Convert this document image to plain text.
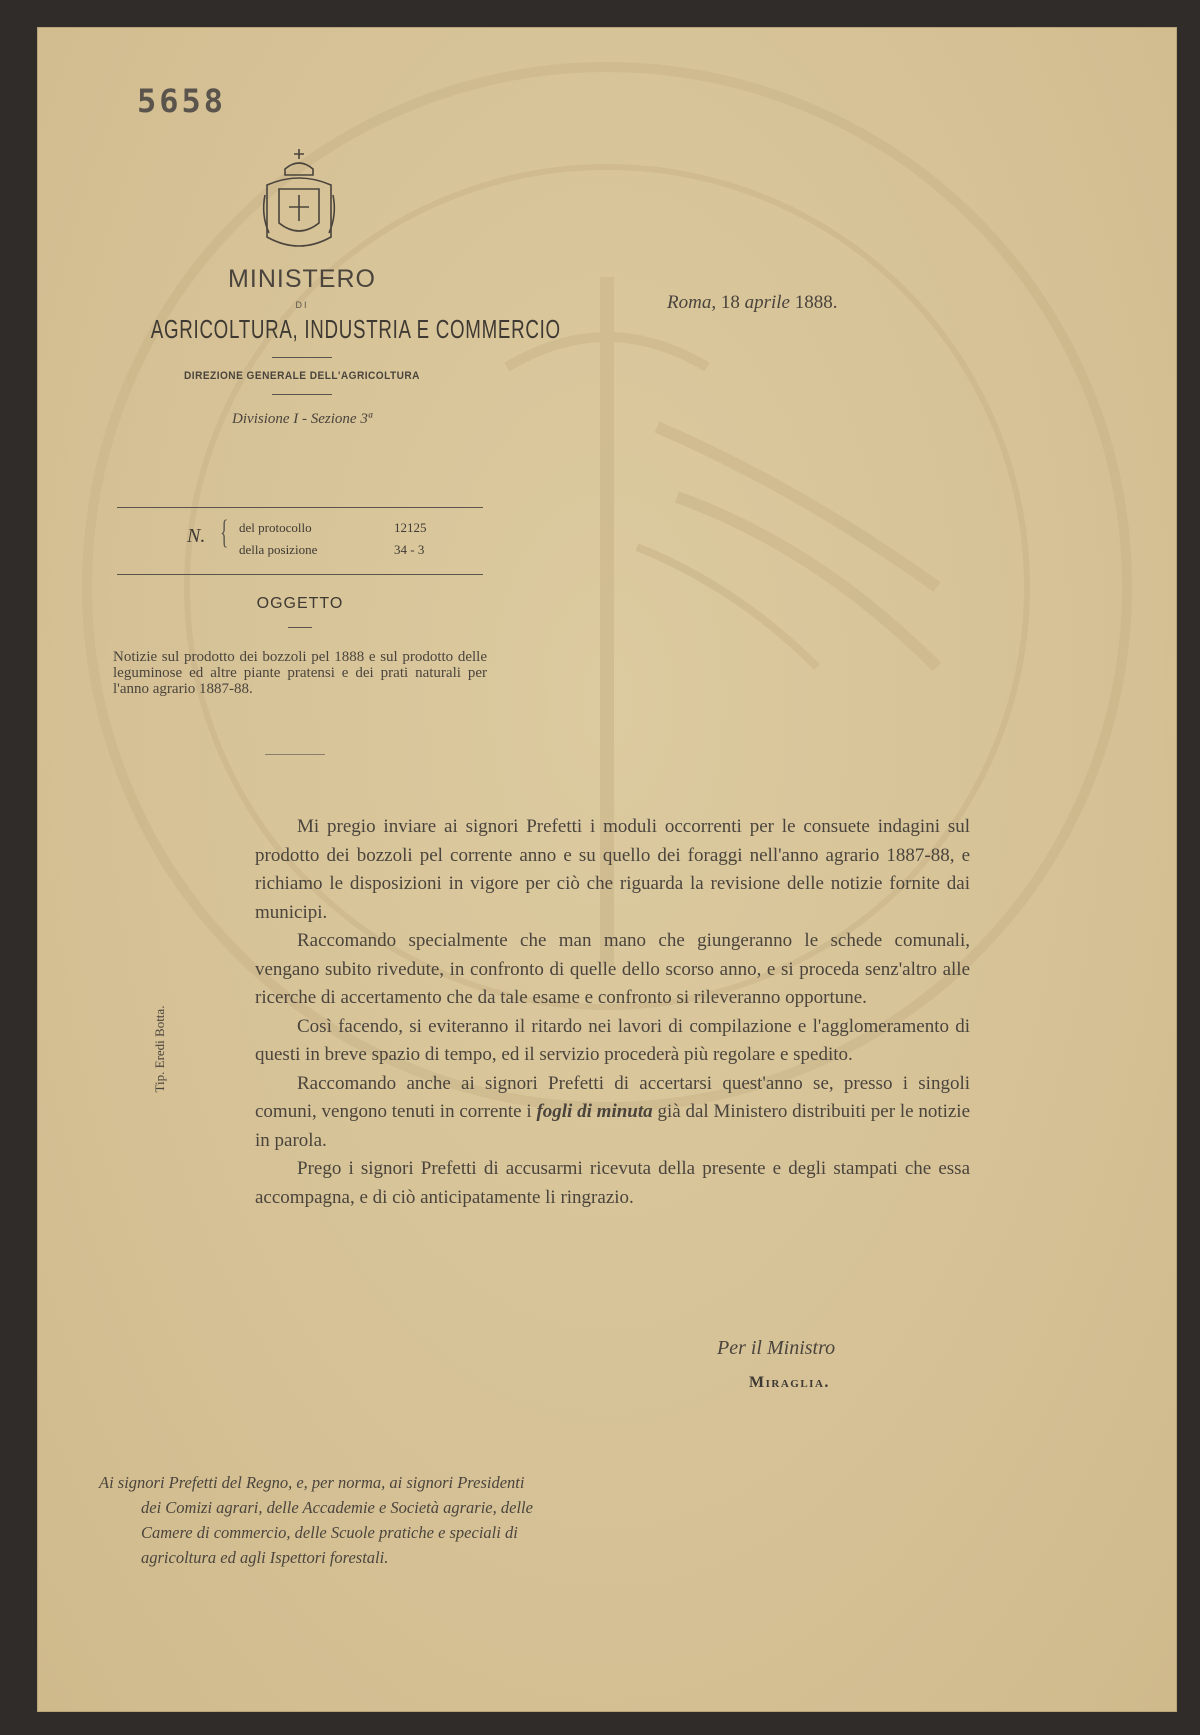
5658
MINISTERO
DI
AGRICOLTURA, INDUSTRIA E COMMERCIO
DIREZIONE GENERALE DELL'AGRICOLTURA
Divisione I - Sezione 3ª
N. { del protocollo	12125
della posizione	34 - 3
OGGETTO
Notizie sul prodotto dei bozzoli pel 1888 e sul prodotto delle leguminose ed altre piante pratensi e dei prati naturali per l'anno agrario 1887-88.
Roma, 18 aprile 1888.

Mi pregio inviare ai signori Prefetti i moduli occorrenti per le consuete indagini sul prodotto dei bozzoli pel corrente anno e su quello dei foraggi nell'anno agrario 1887-88, e richiamo le disposizioni in vigore per ciò che riguarda la revisione delle notizie fornite dai municipi.

Raccomando specialmente che man mano che giungeranno le schede comunali, vengano subito rivedute, in confronto di quelle dello scorso anno, e si proceda senz'altro alle ricerche di accertamento che da tale esame e confronto si rileveranno opportune.

Così facendo, si eviteranno il ritardo nei lavori di compilazione e l'agglomeramento di questi in breve spazio di tempo, ed il servizio procederà più regolare e spedito.

Raccomando anche ai signori Prefetti di accertarsi quest'anno se, presso i singoli comuni, vengono tenuti in corrente i fogli di minuta già dal Ministero distribuiti per le notizie in parola.

Prego i signori Prefetti di accusarmi ricevuta della presente e degli stampati che essa accompagna, e di ciò anticipatamente li ringrazio.

Per il Ministro
Miraglia.
Tip. Eredi Botta.
Ai signori Prefetti del Regno, e, per norma, ai signori Presidenti
dei Comizi agrari, delle Accademie e Società agrarie, delle
Camere di commercio, delle Scuole pratiche e speciali di
agricoltura ed agli Ispettori forestali.
